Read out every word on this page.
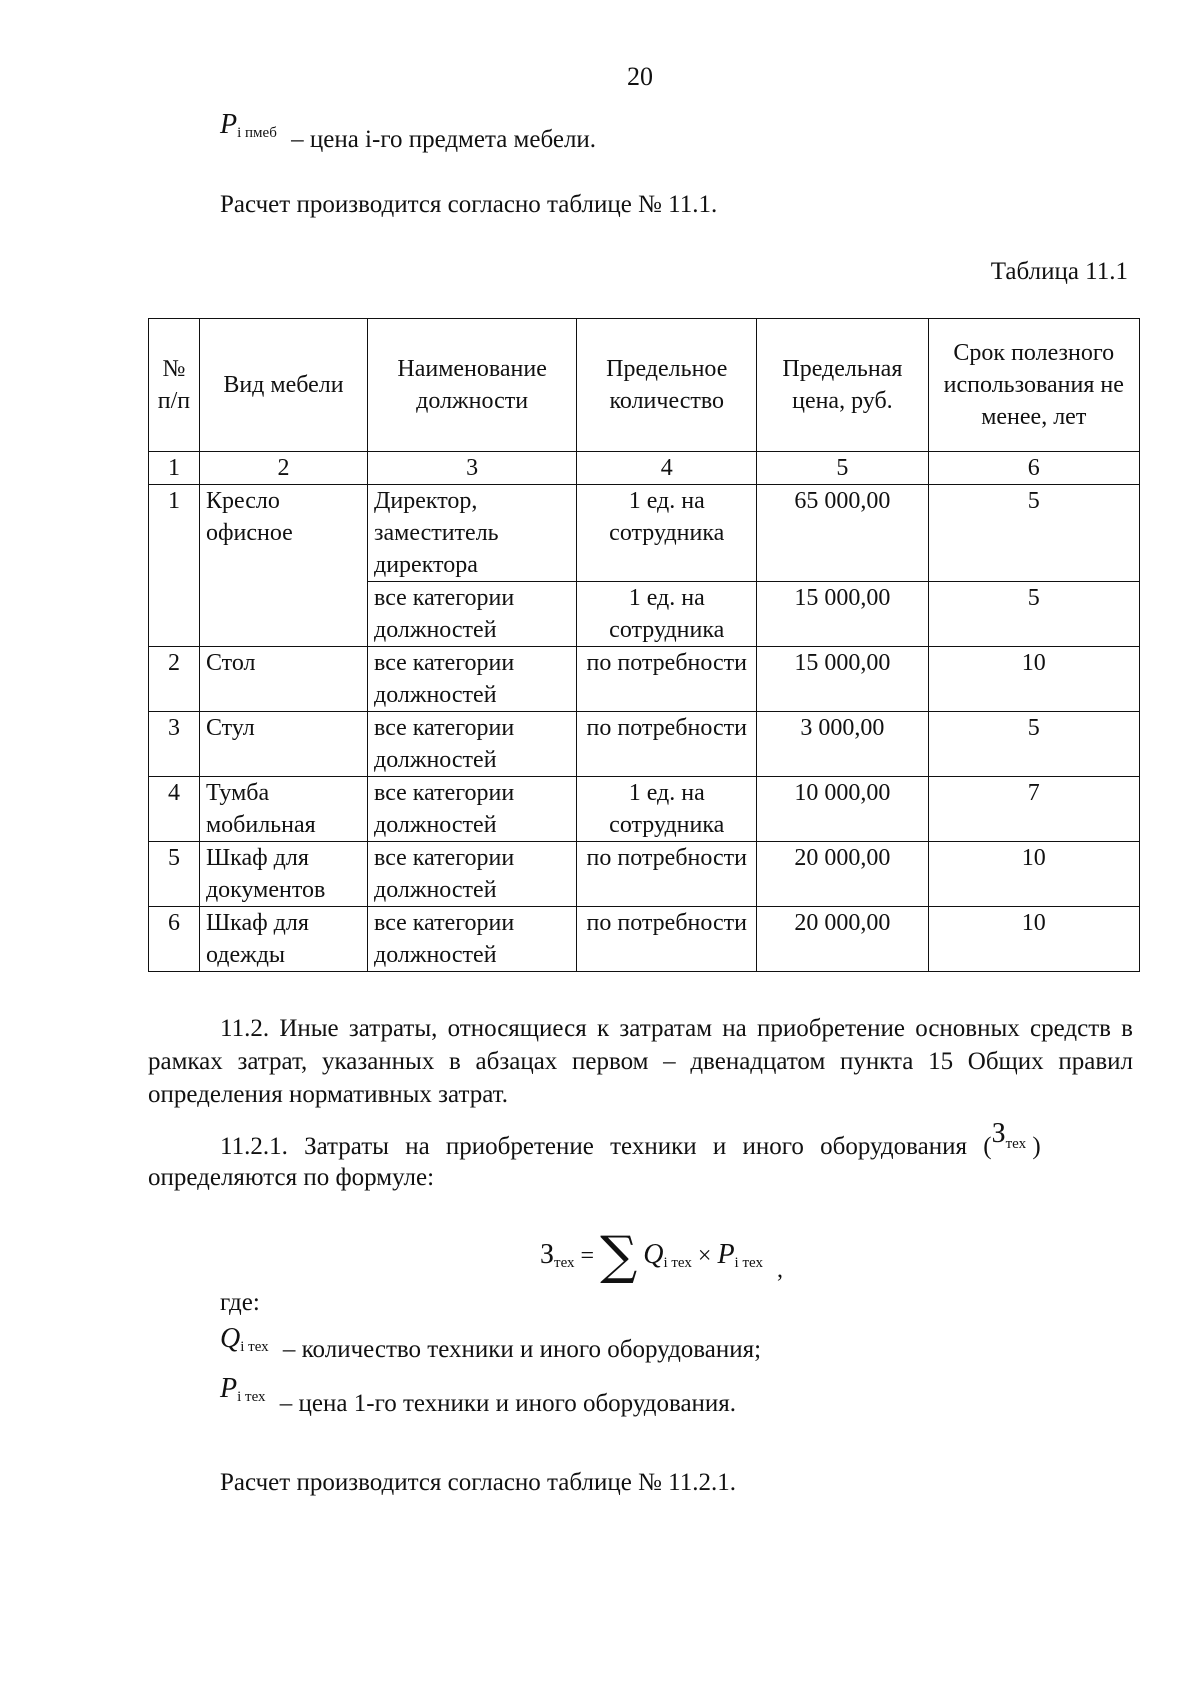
20
$P_{i пмеб}$ – цена i-го предмета мебели.
Расчет производится согласно таблице № 11.1.
Таблица 11.1
№ п/п	Вид мебели	Наименование должности	Предельное количество	Предельная цена, руб.	Срок полезного использования не менее, лет
1	2	3	4	5	6
1	Кресло офисное	Директор, заместитель директора	1 ед. на сотрудника	65 000,00	5
		все категории должностей	1 ед. на сотрудника	15 000,00	5
2	Стол	все категории должностей	по потребности	15 000,00	10
3	Стул	все категории должностей	по потребности	3 000,00	5
4	Тумба мобильная	все категории должностей	1 ед. на сотрудника	10 000,00	7
5	Шкаф для документов	все категории должностей	по потребности	20 000,00	10
6	Шкаф для одежды	все категории должностей	по потребности	20 000,00	10
11.2. Иные затраты, относящиеся к затратам на приобретение основных средств в рамках затрат, указанных в абзацах первом – двенадцатом пункта 15 Общих правил определения нормативных затрат.
11.2.1. Затраты на приобретение техники и иного оборудования ($З^{тех}$ )
определяются по формуле:
$З_{тех}$ = ∑ $Q_{i тех} \times P_{i тех}$ ,
где:
$Q_{i тех}$ – количество техники и иного оборудования;
$P_{i тех}$ – цена 1-го техники и иного оборудования.
Расчет производится согласно таблице № 11.2.1.
